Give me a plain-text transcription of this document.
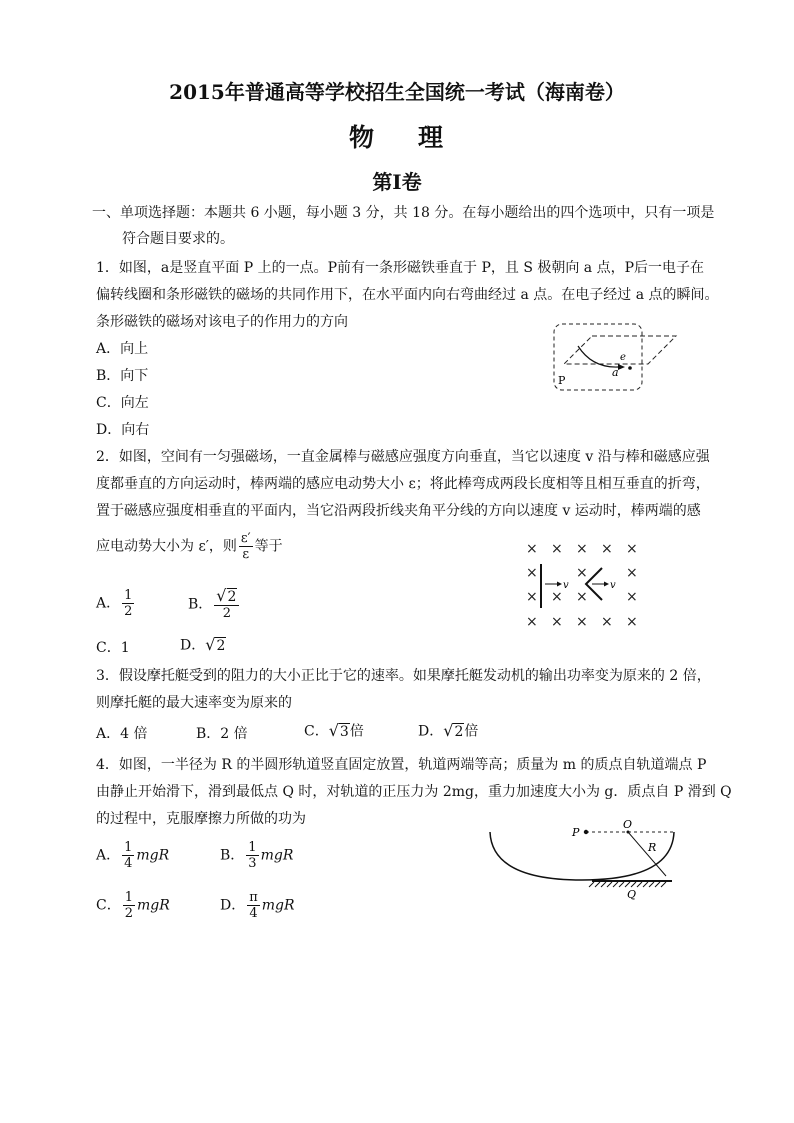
2015年普通高等学校招生全国统一考试（海南卷）
物 理
第I卷
一、单项选择题：本题共 6 小题，每小题 3 分，共 18 分。在每小题给出的四个选项中，只有一项是
符合题目要求的。
1．如图，a是竖直平面 P 上的一点。P前有一条形磁铁垂直于 P，且 S 极朝向 a 点，P后一电子在
偏转线圈和条形磁铁的磁场的共同作用下，在水平面内向右弯曲经过 a 点。在电子经过 a 点的瞬间。
条形磁铁的磁场对该电子的作用力的方向
A．向上
B．向下
C．向左
D．向右
e
a
P
2．如图，空间有一匀强磁场，一直金属棒与磁感应强度方向垂直，当它以速度 v 沿与棒和磁感应强
度都垂直的方向运动时，棒两端的感应电动势大小 ε；将此棒弯成两段长度相等且相互垂直的折弯，
置于磁感应强度相垂直的平面内，当它沿两段折线夹角平分线的方向以速度 v 运动时，棒两端的感
应电动势大小为 ε′，则 $\frac{\varepsilon'}{\varepsilon}$ 等于
A． $\frac{1}{2}$	B． $\frac{√2}{2}$
C．1	D．√2
× × × × ×
×	×	×
× × ×	×
× × × × ×
v	v
3．假设摩托艇受到的阻力的大小正比于它的速率。如果摩托艇发动机的输出功率变为原来的 2 倍，
则摩托艇的最大速率变为原来的
A．4 倍	B．2 倍	C．√3倍	D．√2倍
4．如图，一半径为 R 的半圆形轨道竖直固定放置，轨道两端等高；质量为 m 的质点自轨道端点 P
由静止开始滑下，滑到最低点 Q 时，对轨道的正压力为 2mg，重力加速度大小为 g．质点自 P 滑到 Q
的过程中，克服摩擦力所做的功为
A． $\frac{1}{4}$ mgR	B． $\frac{1}{3}$ mgR
C． $\frac{1}{2}$ mgR	D． $\frac{\pi}{4}$ mgR
P
O
R
Q
